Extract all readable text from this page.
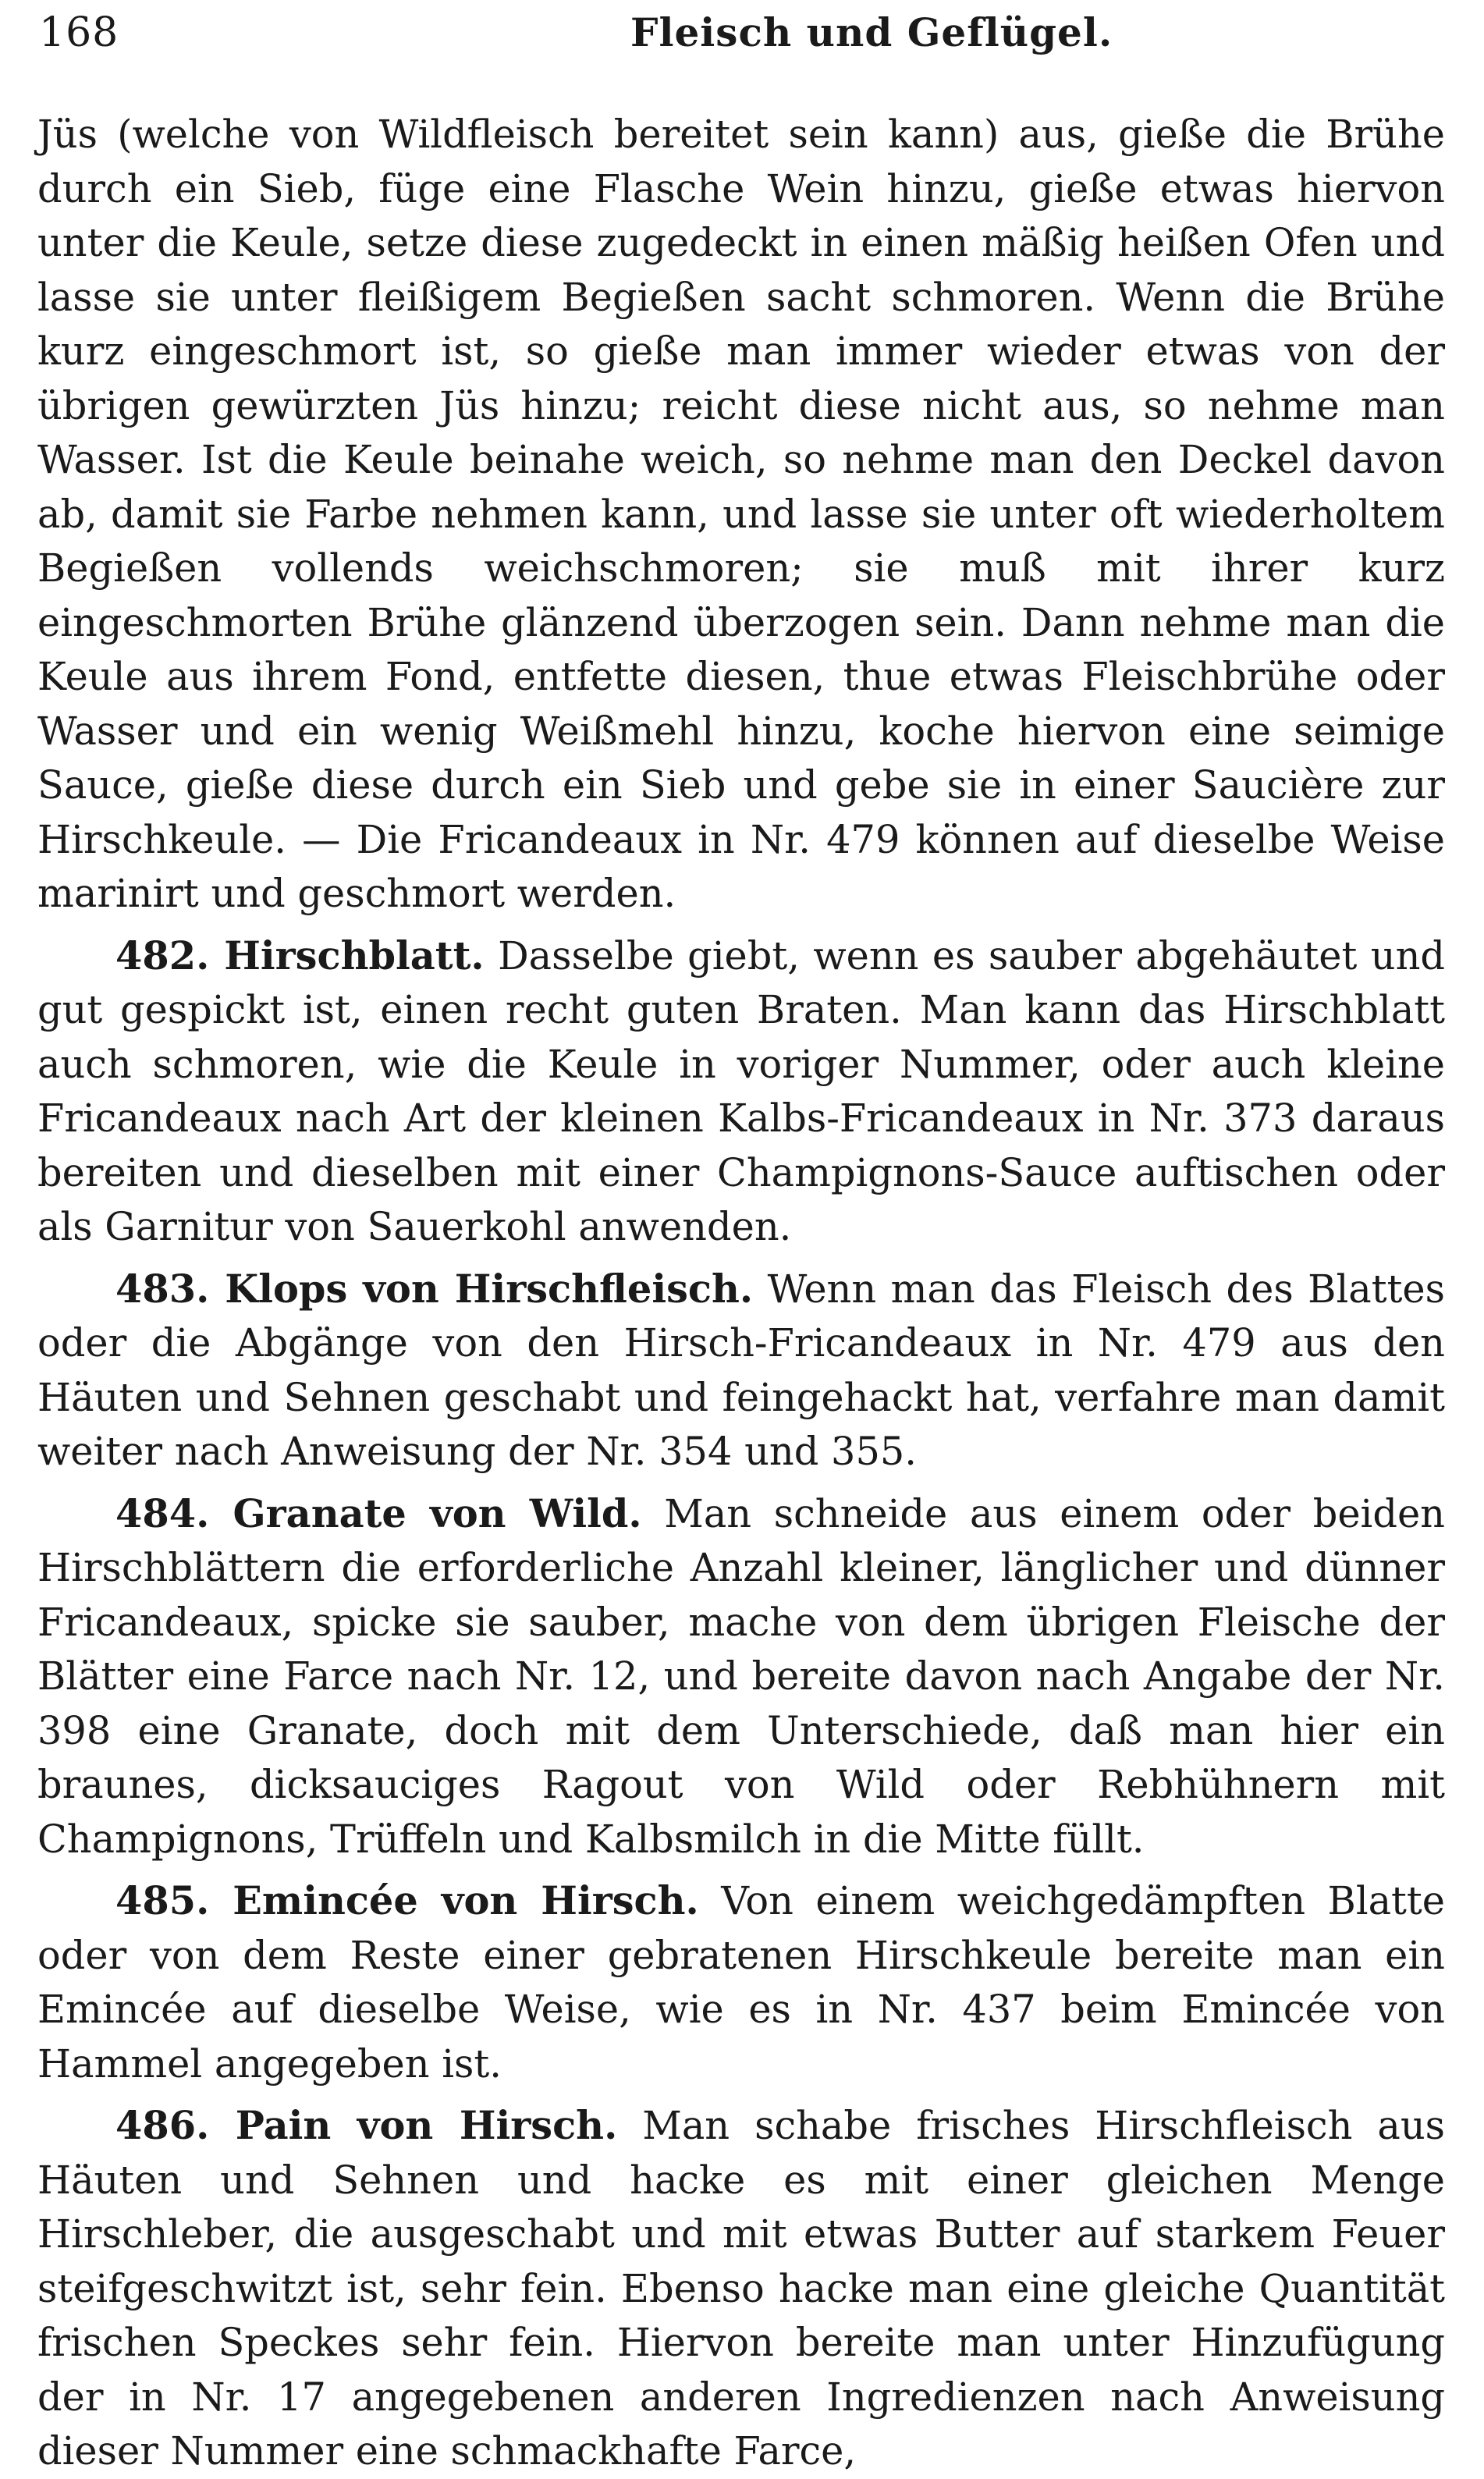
168	Fleisch und Geflügel.

Jüs (welche von Wildfleisch bereitet sein kann) aus, gieße die Brühe durch ein Sieb, füge eine Flasche Wein hinzu, gieße etwas hiervon unter die Keule, setze diese zugedeckt in einen mäßig heißen Ofen und lasse sie unter fleißigem Begießen sacht schmoren. Wenn die Brühe kurz eingeschmort ist, so gieße man immer wieder etwas von der übrigen gewürzten Jüs hinzu; reicht diese nicht aus, so nehme man Wasser. Ist die Keule beinahe weich, so nehme man den Deckel davon ab, damit sie Farbe nehmen kann, und lasse sie unter oft wiederholtem Begießen vollends weichschmoren; sie muß mit ihrer kurz eingeschmorten Brühe glänzend überzogen sein. Dann nehme man die Keule aus ihrem Fond, entfette diesen, thue etwas Fleischbrühe oder Wasser und ein wenig Weißmehl hinzu, koche hiervon eine seimige Sauce, gieße diese durch ein Sieb und gebe sie in einer Saucière zur Hirschkeule. — Die Fricandeaux in Nr. 479 können auf dieselbe Weise marinirt und geschmort werden.

482. Hirschblatt. Dasselbe giebt, wenn es sauber abgehäutet und gut gespickt ist, einen recht guten Braten. Man kann das Hirschblatt auch schmoren, wie die Keule in voriger Nummer, oder auch kleine Fricandeaux nach Art der kleinen Kalbs-Fricandeaux in Nr. 373 daraus bereiten und dieselben mit einer Champignons-Sauce auftischen oder als Garnitur von Sauerkohl anwenden.

483. Klops von Hirschfleisch. Wenn man das Fleisch des Blattes oder die Abgänge von den Hirsch-Fricandeaux in Nr. 479 aus den Häuten und Sehnen geschabt und feingehackt hat, verfahre man damit weiter nach Anweisung der Nr. 354 und 355.

484. Granate von Wild. Man schneide aus einem oder beiden Hirschblättern die erforderliche Anzahl kleiner, länglicher und dünner Fricandeaux, spicke sie sauber, mache von dem übrigen Fleische der Blätter eine Farce nach Nr. 12, und bereite davon nach Angabe der Nr. 398 eine Granate, doch mit dem Unterschiede, daß man hier ein braunes, dicksauciges Ragout von Wild oder Rebhühnern mit Champignons, Trüffeln und Kalbsmilch in die Mitte füllt.

485. Emincée von Hirsch. Von einem weichgedämpften Blatte oder von dem Reste einer gebratenen Hirschkeule bereite man ein Emincée auf dieselbe Weise, wie es in Nr. 437 beim Emincée von Hammel angegeben ist.

486. Pain von Hirsch. Man schabe frisches Hirschfleisch aus Häuten und Sehnen und hacke es mit einer gleichen Menge Hirschleber, die ausgeschabt und mit etwas Butter auf starkem Feuer steifgeschwitzt ist, sehr fein. Ebenso hacke man eine gleiche Quantität frischen Speckes sehr fein. Hiervon bereite man unter Hinzufügung der in Nr. 17 angegebenen anderen Ingredienzen nach Anweisung dieser Nummer eine schmackhafte Farce,
